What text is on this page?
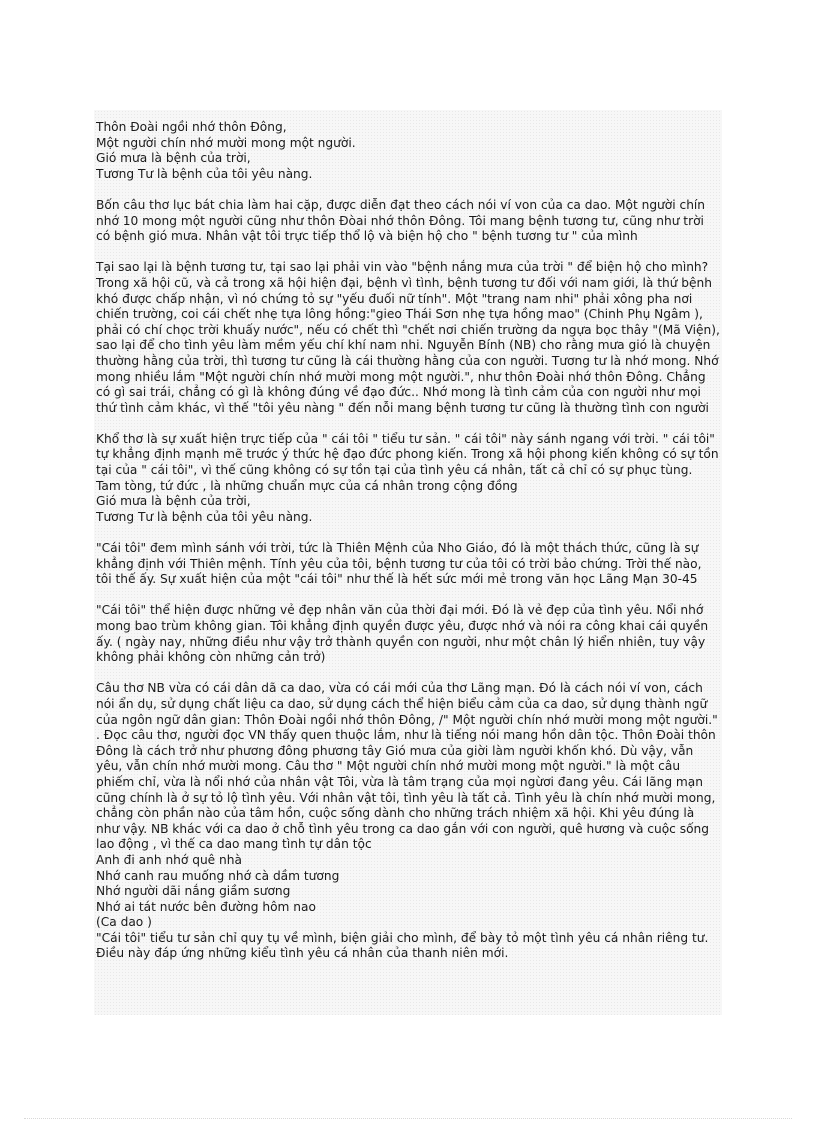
Thôn Đoài ngồi nhớ thôn Đông,
Một người chín nhớ mười mong một người.
Gió mưa là bệnh của trời,
Tương Tư là bệnh của tôi yêu nàng.

Bốn câu thơ lục bát chia làm hai cặp, được diễn đạt theo cách nói ví von của ca dao. Một người chín nhớ 10 mong một người cũng như thôn Đòai nhớ thôn Đông. Tôi mang bệnh tương tư, cũng như trời có bệnh gió mưa. Nhân vật tôi trực tiếp thổ lộ và biện hộ cho " bệnh tương tư " của mình

Tại sao lại là bệnh tương tư, tại sao lại phải vin vào "bệnh nắng mưa của trời " để biện hộ cho mình? Trong xã hội cũ, và cả trong xã hội hiện đại, bệnh vì tình, bệnh tương tư đối với nam giới, là thứ bệnh khó được chấp nhận, vì nó chứng tỏ sự "yếu đuối nữ tính". Một "trang nam nhi" phải xông pha nơi chiến trường, coi cái chết nhẹ tựa lông hồng:"gieo Thái Sơn nhẹ tựa hồng mao" (Chinh Phụ Ngâm ), phải có chí chọc trời khuấy nước", nếu có chết thì "chết nơi chiến trường da ngựa bọc thây "(Mã Viện), sao lại để cho tình yêu làm mềm yếu chí khí nam nhi. Nguyễn Bính (NB) cho rằng mưa gió là chuyện thường hằng của trời, thì tương tư cũng là cái thường hằng của con người. Tương tư là nhớ mong. Nhớ mong nhiều lắm "Một người chín nhớ mười mong một người.", như thôn Đoài nhớ thôn Đông. Chẳng có gì sai trái, chẳng có gì là không đúng về đạo đức.. Nhớ mong là tình cảm của con người như mọi thứ tình cảm khác, vì thế "tôi yêu nàng " đến nỗi mang bệnh tương tư cũng là thường tình con người

Khổ thơ là sự xuất hiện trực tiếp của " cái tôi " tiểu tư sản. " cái tôi" này sánh ngang với trời. " cái tôi" tự khẳng định mạnh mẽ trước ý thức hệ đạo đức phong kiến. Trong xã hội phong kiến không có sự tồn tại của " cái tôi", vì thế cũng không có sự tồn tại của tình yêu cá nhân, tất cả chỉ có sự phục tùng. Tam tòng, tứ đức , là những chuẩn mực của cá nhân trong cộng đồng
Gió mưa là bệnh của trời,
Tương Tư là bệnh của tôi yêu nàng.

"Cái tôi" đem mình sánh với trời, tức là Thiên Mệnh của Nho Giáo, đó là một thách thức, cũng là sự khẳng định với Thiên mệnh. Tính yêu của tôi, bệnh tương tư của tôi có trời bảo chứng. Trời thế nào, tôi thế ấy. Sự xuất hiện của một "cái tôi" như thế là hết sức mới mẻ trong văn học Lãng Mạn 30-45

"Cái tôi" thể hiện được những vẻ đẹp nhân văn của thời đại mới. Đó là vẻ đẹp của tình yêu. Nổi nhớ mong bao trùm không gian. Tôi khẳng định quyền được yêu, được nhớ và nói ra công khai cái quyền ấy. ( ngày nay, những điều như vậy trở thành quyền con người, như một chân lý hiển nhiên, tuy vậy không phải không còn những cản trở)

Câu thơ NB vừa có cái dân dã ca dao, vừa có cái mới của thơ Lãng mạn. Đó là cách nói ví von, cách nói ẩn dụ, sử dụng chất liệu ca dao, sử dụng cách thể hiện biểu cảm của ca dao, sử dụng thành ngữ của ngôn ngữ dân gian: Thôn Đoài ngồi nhớ thôn Đông, /" Một người chín nhớ mười mong một người." . Đọc câu thơ, người đọc VN thấy quen thuộc lắm, như là tiếng nói mang hồn dân tộc. Thôn Đoài thôn Đông là cách trở như phương đông phương tây Gió mưa của giời làm người khốn khó. Dù vậy, vẫn yêu, vẫn chín nhớ mười mong. Câu thơ " Một người chín nhớ mười mong một người." là một câu phiếm chỉ, vừa là nổi nhớ của nhân vật Tôi, vừa là tâm trạng của mọi ngừơi đang yêu. Cái lãng mạn cũng chính là ở sự tỏ lộ tình yêu. Với nhân vật tôi, tình yêu là tất cả. Tình yêu là chín nhớ mười mong, chẳng còn phần nào của tâm hồn, cuộc sống dành cho những trách nhiệm xã hội. Khi yêu đúng là như vậy. NB khác với ca dao ở chỗ tình yêu trong ca dao gắn với con người, quê hương và cuộc sống lao động , vì thế ca dao mang tình tự dân tộc
Anh đi anh nhớ quê nhà
Nhớ canh rau muống nhớ cà dầm tương
Nhớ người dãi nắng giầm sương
Nhớ ai tát nước bên đường hôm nao
(Ca dao )
"Cái tôi" tiểu tư sản chỉ quy tụ về mình, biện giải cho mình, để bày tỏ một tình yêu cá nhân riêng tư. Điều này đáp ứng những kiểu tình yêu cá nhân của thanh niên mới.
